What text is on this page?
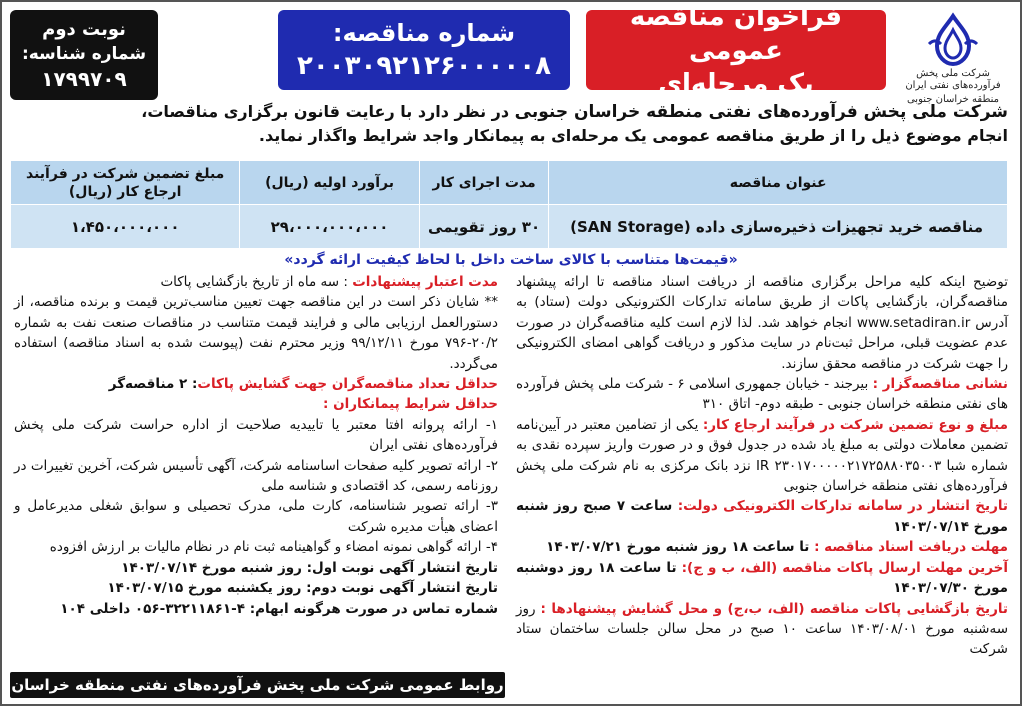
شرکت ملی پخش فرآورده‌های نفتی ایران
منطقه خراسان جنوبی
فراخوان مناقصه عمومی
یک مرحله‌ای
شماره مناقصه:
۲۰۰۳۰۹۲۱۲۶۰۰۰۰۰۸
نوبت دوم
شماره شناسه:
۱۷۹۹۷۰۹
شرکت ملی پخش فرآورده‌های نفتی منطقه خراسان جنوبی در نظر دارد با رعایت قانون برگزاری مناقصات،
انجام موضوع ذیل را از طریق مناقصه عمومی یک مرحله‌ای به پیمانکار واجد شرایط واگذار نماید.
عنوان مناقصه	مدت اجرای کار	برآورد اولیه (ریال)	مبلغ تضمین شرکت در فرآیند ارجاع کار (ریال)
مناقصه خرید تجهیزات ذخیره‌سازی داده (SAN Storage)	۳۰ روز تقویمی	۲۹،۰۰۰،۰۰۰،۰۰۰	۱،۴۵۰،۰۰۰،۰۰۰
«قیمت‌ها متناسب با کالای ساخت داخل با لحاظ کیفیت ارائه گردد»
توضیح اینکه کلیه مراحل برگزاری مناقصه از دریافت اسناد مناقصه تا ارائه پیشنهاد مناقصه‌گران، بازگشایی پاکات از طریق سامانه تدارکات الکترونیکی دولت (ستاد) به آدرس www.setadiran.ir انجام خواهد شد. لذا لازم است کلیه مناقصه‌گران در صورت عدم عضویت قبلی، مراحل ثبت‌نام در سایت مذکور و دریافت گواهی امضای الکترونیکی را جهت شرکت در مناقصه محقق سازند.
نشانی مناقصه‌گزار : بیرجند - خیابان جمهوری اسلامی ۶ - شرکت ملی پخش فرآورده های نفتی منطقه خراسان جنوبی - طبقه دوم- اتاق ۳۱۰
مبلغ و نوع تضمین شرکت در فرآیند ارجاع کار: یکی از تضامین معتبر در آیین‌نامه تضمین معاملات دولتی به مبلغ یاد شده در جدول فوق و در صورت واریز سپرده نقدی به شماره شبا IR ۲۳۰۱۷۰۰۰۰۰۲۱۷۲۵۸۸۰۳۵۰۰۳ نزد بانک مرکزی به نام شرکت ملی پخش فرآورده‌های نفتی منطقه خراسان جنوبی
تاریخ انتشار در سامانه تدارکات الکترونیکی دولت: ساعت ۷ صبح روز شنبه مورخ ۱۴۰۳/۰۷/۱۴
مهلت دریافت اسناد مناقصه : تا ساعت ۱۸ روز شنبه مورخ ۱۴۰۳/۰۷/۲۱
آخرین مهلت ارسال پاکات مناقصه (الف، ب و ج): تا ساعت ۱۸ روز دوشنبه مورخ ۱۴۰۳/۰۷/۳۰
تاریخ بازگشایی پاکات مناقصه (الف، ب،ج) و محل گشایش پیشنهادها : روز سه‌شنبه مورخ ۱۴۰۳/۰۸/۰۱ ساعت ۱۰ صبح در محل سالن جلسات ساختمان ستاد شرکت
مدت اعتبار پیشنهادات : سه ماه از تاریخ بازگشایی پاکات
** شایان ذکر است در این مناقصه جهت تعیین مناسب‌ترین قیمت و برنده مناقصه، از دستورالعمل ارزیابی مالی و فرایند قیمت متناسب در مناقصات صنعت نفت به شماره ۲۰/۲-۷۹۶ مورخ ۹۹/۱۲/۱۱ وزیر محترم نفت (پیوست شده به اسناد مناقصه) استفاده می‌گردد.
حداقل تعداد مناقصه‌گران جهت گشایش پاکات: ۲ مناقصه‌گر
حداقل شرایط پیمانکاران :
۱- ارائه پروانه افتا معتبر یا تاییدیه صلاحیت از اداره حراست شرکت ملی پخش فرآورده‌های نفتی ایران
۲- ارائه تصویر کلیه صفحات اساسنامه شرکت، آگهی تأسیس شرکت، آخرین تغییرات در روزنامه رسمی، کد اقتصادی و شناسه ملی
۳- ارائه تصویر شناسنامه، کارت ملی، مدرک تحصیلی و سوابق شغلی مدیرعامل و اعضای هیأت مدیره شرکت
۴- ارائه گواهی نمونه امضاء و گواهینامه ثبت نام در نظام مالیات بر ارزش افزوده
تاریخ انتشار آگهی نوبت اول: روز شنبه مورخ ۱۴۰۳/۰۷/۱۴
تاریخ انتشار آگهی نوبت دوم: روز یکشنبه مورخ ۱۴۰۳/۰۷/۱۵
شماره تماس در صورت هرگونه ابهام: ۴-۳۲۲۱۱۸۶۱-۰۵۶ داخلی ۱۰۴
روابط عمومی شرکت ملی پخش فرآورده‌های نفتی منطقه خراسان جنوبی
